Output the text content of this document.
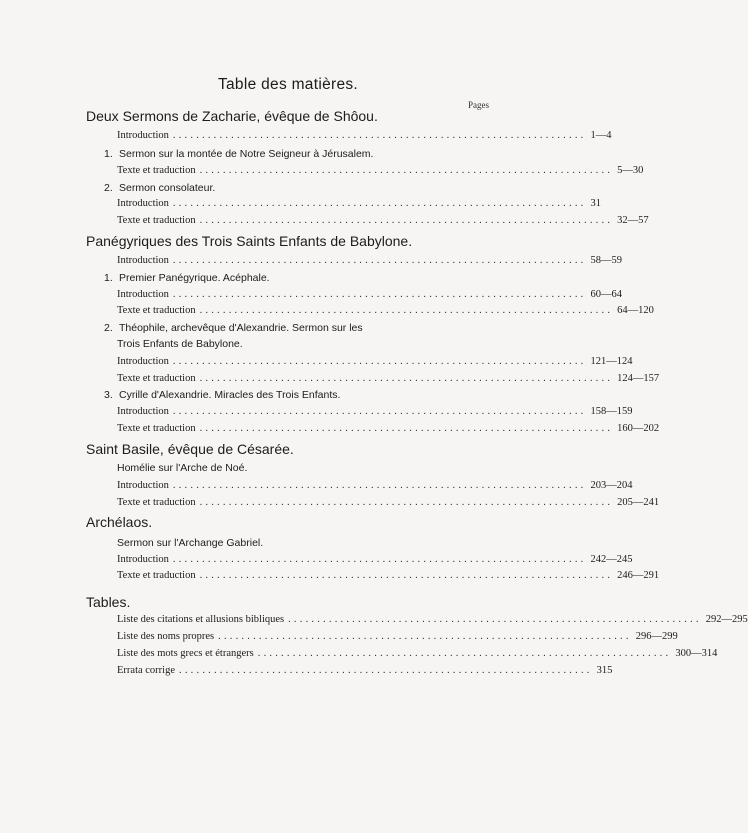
Table des matières.
Pages
Deux Sermons de Zacharie, évêque de Shôou.
Introduction ....................................................................... 1—4
1. Sermon sur la montée de Notre Seigneur à Jérusalem.
Texte et traduction ....................................................................... 5—30
2. Sermon consolateur.
Introduction ....................................................................... 31
Texte et traduction ....................................................................... 32—57
Panégyriques des Trois Saints Enfants de Babylone.
Introduction ....................................................................... 58—59
1. Premier Panégyrique. Acéphale.
Introduction ....................................................................... 60—64
Texte et traduction ....................................................................... 64—120
2. Théophile, archevêque d'Alexandrie. Sermon sur les
Trois Enfants de Babylone.
Introduction ....................................................................... 121—124
Texte et traduction ....................................................................... 124—157
3. Cyrille d'Alexandrie. Miracles des Trois Enfants.
Introduction ....................................................................... 158—159
Texte et traduction ....................................................................... 160—202
Saint Basile, évêque de Césarée.
Homélie sur l'Arche de Noé.
Introduction ....................................................................... 203—204
Texte et traduction ....................................................................... 205—241
Archélaos.
Sermon sur l'Archange Gabriel.
Introduction ....................................................................... 242—245
Texte et traduction ....................................................................... 246—291
Tables.
Liste des citations et allusions bibliques ....................................................................... 292—295
Liste des noms propres ....................................................................... 296—299
Liste des mots grecs et étrangers ....................................................................... 300—314
Errata corrige ....................................................................... 315
